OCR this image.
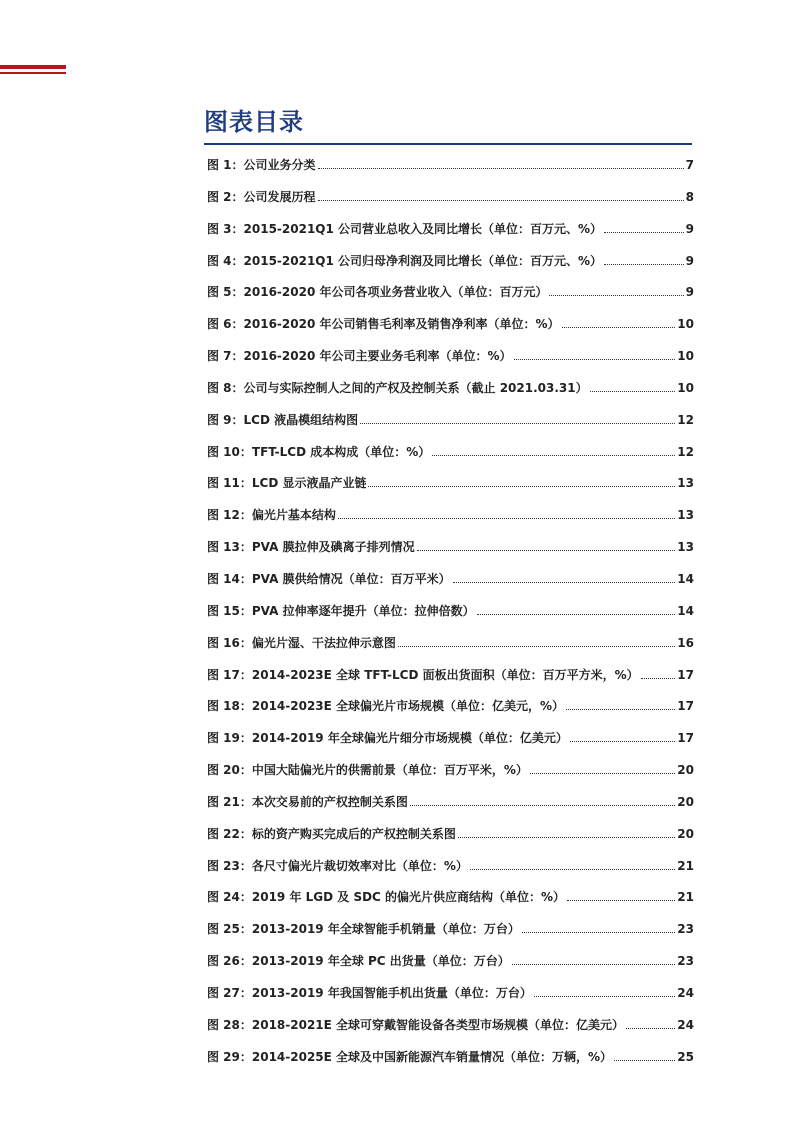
图表目录
图 1：公司业务分类	7
图 2：公司发展历程	8
图 3：2015-2021Q1 公司营业总收入及同比增长（单位：百万元、%）	9
图 4：2015-2021Q1 公司归母净利润及同比增长（单位：百万元、%）	9
图 5：2016-2020 年公司各项业务营业收入（单位：百万元）	9
图 6：2016-2020 年公司销售毛利率及销售净利率（单位：%）	10
图 7：2016-2020 年公司主要业务毛利率（单位：%）	10
图 8：公司与实际控制人之间的产权及控制关系（截止 2021.03.31）	10
图 9：LCD 液晶模组结构图	12
图 10：TFT-LCD 成本构成（单位：%）	12
图 11：LCD 显示液晶产业链	13
图 12：偏光片基本结构	13
图 13：PVA 膜拉伸及碘离子排列情况	13
图 14：PVA 膜供给情况（单位：百万平米）	14
图 15：PVA 拉伸率逐年提升（单位：拉伸倍数）	14
图 16：偏光片湿、干法拉伸示意图	16
图 17：2014-2023E 全球 TFT-LCD 面板出货面积（单位：百万平方米，%）	17
图 18：2014-2023E 全球偏光片市场规模（单位：亿美元，%）	17
图 19：2014-2019 年全球偏光片细分市场规模（单位：亿美元）	17
图 20：中国大陆偏光片的供需前景（单位：百万平米，%）	20
图 21：本次交易前的产权控制关系图	20
图 22：标的资产购买完成后的产权控制关系图	20
图 23：各尺寸偏光片裁切效率对比（单位：%）	21
图 24：2019 年 LGD 及 SDC 的偏光片供应商结构（单位：%）	21
图 25：2013-2019 年全球智能手机销量（单位：万台）	23
图 26：2013-2019 年全球 PC 出货量（单位：万台）	23
图 27：2013-2019 年我国智能手机出货量（单位：万台）	24
图 28：2018-2021E 全球可穿戴智能设备各类型市场规模（单位：亿美元）	24
图 29：2014-2025E 全球及中国新能源汽车销量情况（单位：万辆，%）	25
